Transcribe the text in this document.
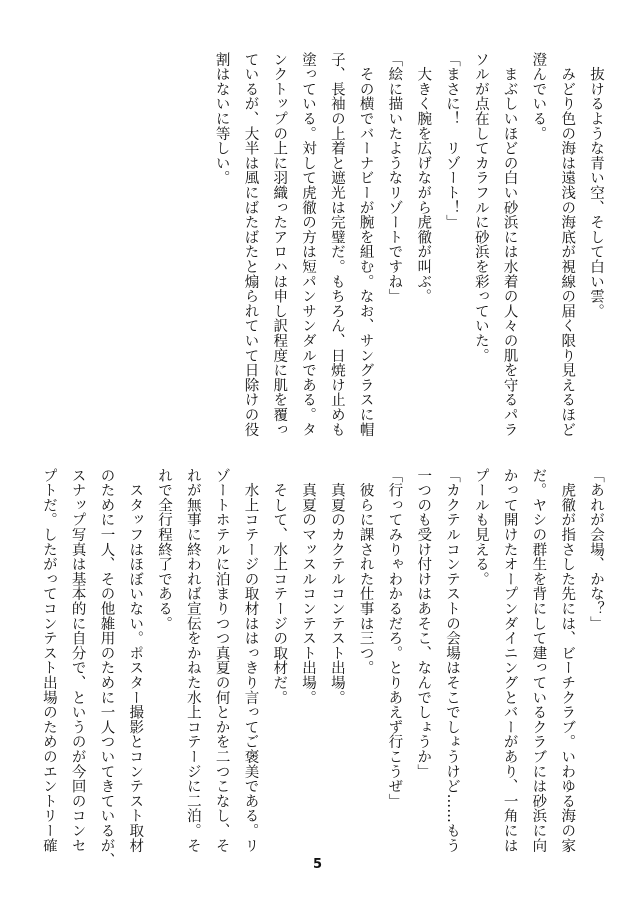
　抜けるような青い空、そして白い雲。

　みどり色の海は遠浅の海底が視線の届く限り見えるほど

澄んでいる。

　まぶしいほどの白い砂浜には水着の人々の肌を守るパラ

ソルが点在してカラフルに砂浜を彩っていた。

「まさに！　リゾート！」

　大きく腕を広げながら虎徹が叫ぶ。

「絵に描いたようなリゾートですね」

　その横でバーナビーが腕を組む。なお、サングラスに帽

子、長袖の上着と遮光は完璧だ。もちろん、日焼け止めも

塗っている。対して虎徹の方は短パンサンダルである。タ

ンクトップの上に羽織ったアロハは申し訳程度に肌を覆っ

ているが、大半は風にばたばたと煽られていて日除けの役

割はないに等しい。

「あれが会場、かな？」

　虎徹が指さした先には、ビーチクラブ。いわゆる海の家

だ。ヤシの群生を背にして建っているクラブには砂浜に向

かって開けたオープンダイニングとバーがあり、一角には

プールも見える。

「カクテルコンテストの会場はそこでしょうけど……もう

一つのも受け付けはあそこ、なんでしょうか」

「行ってみりゃわかるだろ。とりあえず行こうぜ」

　彼らに課された仕事は三つ。

　真夏のカクテルコンテスト出場。

　真夏のマッスルコンテスト出場。

　そして、水上コテージの取材だ。

　水上コテージの取材ははっきり言ってご褒美である。リ

ゾートホテルに泊まりつつ真夏の何とかを二つこなし、そ

れが無事に終われば宣伝をかねた水上コテージに二泊。そ

れで全行程終了である。

　スタッフはほぼいない。ポスター撮影とコンテスト取材

のために一人、その他雑用のために一人ついてきているが、

スナップ写真は基本的に自分で、というのが今回のコンセ

プトだ。したがってコンテスト出場のためのエントリー確

5
